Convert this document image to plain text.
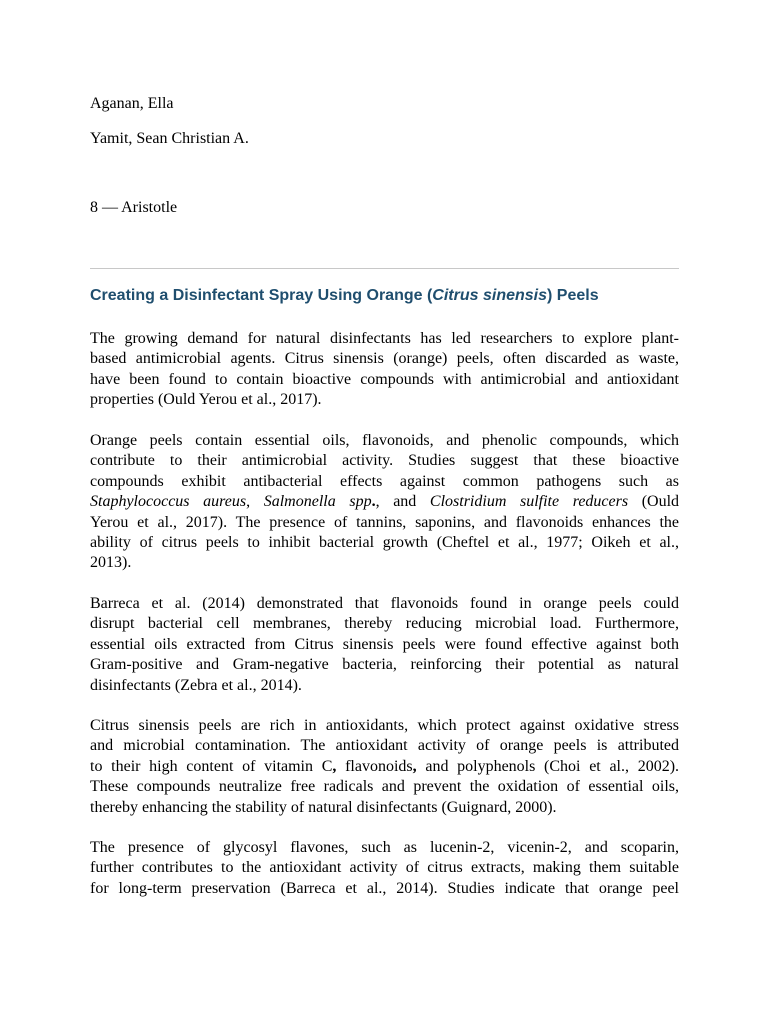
Aganan, Ella

Yamit, Sean Christian A.

8 — Aristotle

Creating a Disinfectant Spray Using Orange (Citrus sinensis) Peels
The growing demand for natural disinfectants has led researchers to explore plant-
based antimicrobial agents. Citrus sinensis (orange) peels, often discarded as waste,
have been found to contain bioactive compounds with antimicrobial and antioxidant
properties (Ould Yerou et al., 2017).
Orange peels contain essential oils, flavonoids, and phenolic compounds, which
contribute to their antimicrobial activity. Studies suggest that these bioactive
compounds exhibit antibacterial effects against common pathogens such as
Staphylococcus aureus, Salmonella spp., and Clostridium sulfite reducers (Ould
Yerou et al., 2017). The presence of tannins, saponins, and flavonoids enhances the
ability of citrus peels to inhibit bacterial growth (Cheftel et al., 1977; Oikeh et al.,
2013).
Barreca et al. (2014) demonstrated that flavonoids found in orange peels could
disrupt bacterial cell membranes, thereby reducing microbial load. Furthermore,
essential oils extracted from Citrus sinensis peels were found effective against both
Gram-positive and Gram-negative bacteria, reinforcing their potential as natural
disinfectants (Zebra et al., 2014).
Citrus sinensis peels are rich in antioxidants, which protect against oxidative stress
and microbial contamination. The antioxidant activity of orange peels is attributed
to their high content of vitamin C, flavonoids, and polyphenols (Choi et al., 2002).
These compounds neutralize free radicals and prevent the oxidation of essential oils,
thereby enhancing the stability of natural disinfectants (Guignard, 2000).
The presence of glycosyl flavones, such as lucenin-2, vicenin-2, and scoparin,
further contributes to the antioxidant activity of citrus extracts, making them suitable
for long-term preservation (Barreca et al., 2014). Studies indicate that orange peel
